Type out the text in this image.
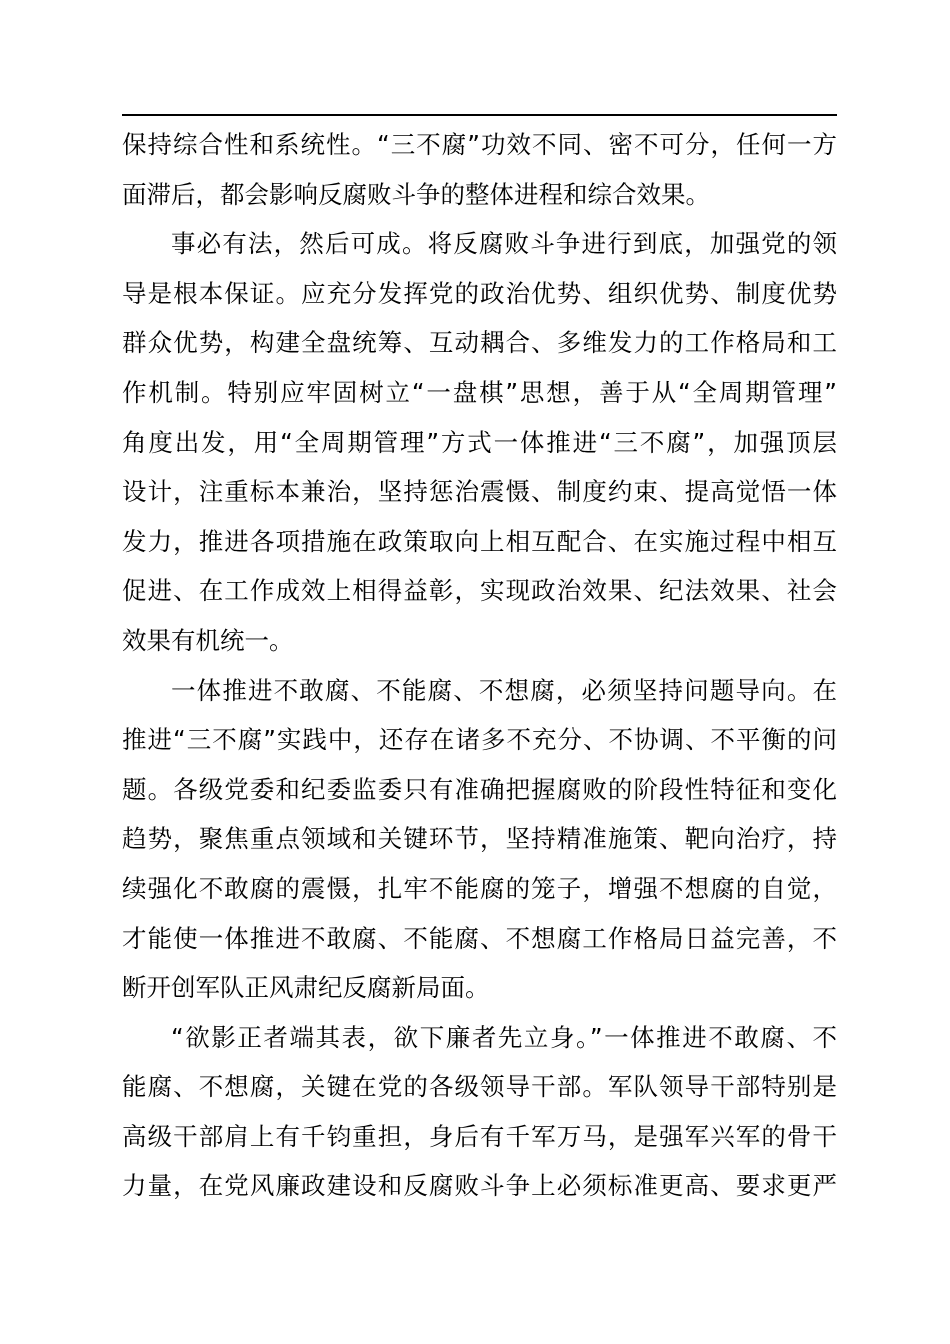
保持综合性和系统性。“三不腐”功效不同、密不可分，任何一方
面滞后，都会影响反腐败斗争的整体进程和综合效果。
事必有法，然后可成。将反腐败斗争进行到底，加强党的领
导是根本保证。应充分发挥党的政治优势、组织优势、制度优势
群众优势，构建全盘统筹、互动耦合、多维发力的工作格局和工
作机制。特别应牢固树立“一盘棋”思想，善于从“全周期管理”
角度出发，用“全周期管理”方式一体推进“三不腐”，加强顶层
设计，注重标本兼治，坚持惩治震慑、制度约束、提高觉悟一体
发力，推进各项措施在政策取向上相互配合、在实施过程中相互
促进、在工作成效上相得益彰，实现政治效果、纪法效果、社会
效果有机统一。
一体推进不敢腐、不能腐、不想腐，必须坚持问题导向。在
推进“三不腐”实践中，还存在诸多不充分、不协调、不平衡的问
题。各级党委和纪委监委只有准确把握腐败的阶段性特征和变化
趋势，聚焦重点领域和关键环节，坚持精准施策、靶向治疗，持
续强化不敢腐的震慑，扎牢不能腐的笼子，增强不想腐的自觉，
才能使一体推进不敢腐、不能腐、不想腐工作格局日益完善，不
断开创军队正风肃纪反腐新局面。
“欲影正者端其表，欲下廉者先立身。”一体推进不敢腐、不
能腐、不想腐，关键在党的各级领导干部。军队领导干部特别是
高级干部肩上有千钧重担，身后有千军万马，是强军兴军的骨干
力量，在党风廉政建设和反腐败斗争上必须标准更高、要求更严
